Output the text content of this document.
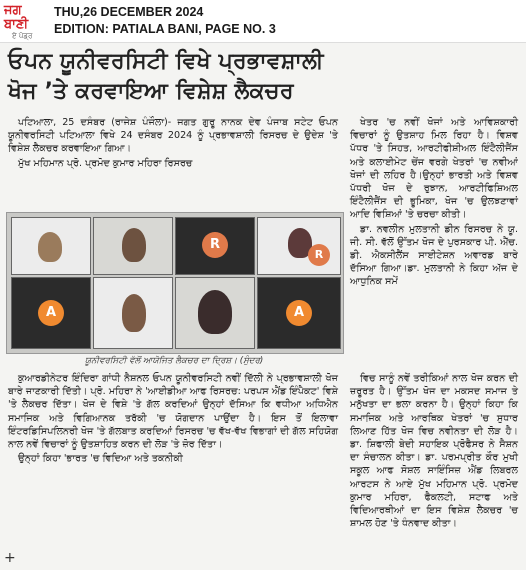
ਜਗ ਬਾਣੀ
ਏ ਪੋਡ੍ਰ
THU,26 DECEMBER 2024
EDITION: PATIALA BANI, PAGE NO. 3
ਓਪਨ ਯੂਨੀਵਰਸਿਟੀ ਵਿਖੇ ਪ੍ਰਭਾਵਸ਼ਾਲੀ
ਖੋਜ ’ਤੇ ਕਰਵਾਇਆ ਵਿਸ਼ੇਸ਼ ਲੈਕਚਰ

ਪਟਿਆਲਾ, 25 ਦਸੰਬਰ (ਰਾਜੇਸ਼ ਪੰਜੌਲਾ)- ਜਗਤ ਗੁਰੂ ਨਾਨਕ ਦੇਵ ਪੰਜਾਬ ਸਟੇਟ ਓਪਨ ਯੂਨੀਵਰਸਿਟੀ ਪਟਿਆਲਾ ਵਿਖੇ 24 ਦਸੰਬਰ 2024 ਨੂੰ ਪ੍ਰਭਾਵਸ਼ਾਲੀ ਰਿਸਰਚ ਦੇ ਉਦੇਸ਼ 'ਤੇ ਵਿਸ਼ੇਸ਼ ਲੈਕਚਰ ਕਰਵਾਇਆ ਗਿਆ।

ਮੁੱਖ ਮਹਿਮਾਨ ਪ੍ਰੋ. ਪ੍ਰਮੋਦ ਕੁਮਾਰ ਮਹਿਰਾ ਰਿਸਰਚ

ਖੇਤਰ 'ਚ ਨਵੀਂ ਖੋਜਾਂ ਅਤੇ ਆਵਿਸ਼ਕਾਰੀ ਵਿਚਾਰਾਂ ਨੂੰ ਉਤਸ਼ਾਹ ਮਿਲ ਰਿਹਾ ਹੈ। ਵਿਸ਼ਵ ਪੱਧਰ 'ਤੇ ਸਿਹਤ, ਆਰਟੀਫੀਸ਼ੀਅਲ ਇੰਟੈਲੀਜੈਂਸ ਅਤੇ ਕਲਾਈਮੇਟ ਚੇਂਜ ਵਰਗੇ ਖੇਤਰਾਂ 'ਚ ਨਵੀਆਂ ਖੋਜਾਂ ਦੀ ਲਹਿਰ ਹੈ।ਉਨ੍ਹਾਂ ਭਾਰਤੀ ਅਤੇ ਵਿਸ਼ਵ ਪੱਧਰੀ ਖੋਜ ਦੇ ਰੁਝਾਨ, ਆਰਟੀਫਿਸ਼ਿਅਲ ਇੰਟੈਲੀਜੈਂਸ ਦੀ ਭੂਮਿਕਾ, ਖੋਜ 'ਚ ਉਲਝਣਾਵਾਂ ਆਦਿ ਵਿਸ਼ਿਆਂ 'ਤੇ ਚਰਚਾ ਕੀਤੀ।

ਡਾ. ਨਵਲੀਨ ਮੁਲਤਾਨੀ ਡੀਨ ਰਿਸਰਚ ਨੇ ਯੂ. ਜੀ. ਸੀ. ਵੱਲੋਂ ਉੱਤਮ ਖੋਜ ਦੇ ਪੁਰਸਕਾਰ ਪੀ. ਐੱਚ. ਡੀ. ਐਕਸੀਲੈਂਸ ਸਾਈਟੇਸ਼ਨ ਅਵਾਰਡ ਬਾਰੇ ਦੱਸਿਆ ਗਿਆ।ਡਾ. ਮੁਲਤਾਨੀ ਨੇ ਕਿਹਾ ਅੱਜ ਦੇ ਆਧੁਨਿਕ ਸਮੇਂ

R
R
A	A
ਯੂਨੀਵਰਸਿਟੀ ਵੱਲੋਂ ਆਯੋਜਿਤ ਲੈਕਚਰ ਦਾ ਦ੍ਰਿਸ਼। (ਸੁੰਦਰ)

ਕੁਆਰਡੀਨੇਟਰ ਇੰਦਿਰਾ ਗਾਂਧੀ ਨੈਸ਼ਨਲ ਓਪਨ ਯੂਨੀਵਰਸਿਟੀ ਨਵੀਂ ਦਿੱਲੀ ਨੇ ਪ੍ਰਭਾਵਸ਼ਾਲੀ ਖੋਜ ਬਾਰੇ ਜਾਣਕਾਰੀ ਦਿੱਤੀ। ਪ੍ਰੋ. ਮਹਿਰਾ ਨੇ 'ਆਈਡੀਆ ਆਫ ਰਿਸਰਚ: ਪਰਪਸ ਐਂਡ ਇੰਪੈਕਟ' ਵਿਸ਼ੇ 'ਤੇ ਲੈਕਚਰ ਦਿੱਤਾ। ਖੋਜ ਦੇ ਵਿਸ਼ੇ 'ਤੇ ਗੱਲ ਕਰਦਿਆਂ ਉਨ੍ਹਾਂ ਦੱਸਿਆ ਕਿ ਵਧੀਆ ਅਧਿਐਨ ਸਮਾਜਿਕ ਅਤੇ ਵਿਗਿਆਨਕ ਤਰੱਕੀ 'ਚ ਯੋਗਦਾਨ ਪਾਉਂਦਾ ਹੈ। ਇਸ ਤੋਂ ਇਲਾਵਾ ਇੰਟਰਡਿਸਿਪਲਿਨਰੀ ਖੋਜ 'ਤੇ ਗੱਲਬਾਤ ਕਰਦਿਆਂ ਰਿਸਰਚ 'ਚ ਵੱਖ-ਵੱਖ ਵਿਭਾਗਾਂ ਦੀ ਗੱਲ ਸਹਿਯੋਗ ਨਾਲ ਨਵੇਂ ਵਿਚਾਰਾਂ ਨੂੰ ਉਤਸ਼ਾਹਿਤ ਕਰਨ ਦੀ ਲੋੜ 'ਤੇ ਜ਼ੋਰ ਦਿੱਤਾ।

ਉਨ੍ਹਾਂ ਕਿਹਾ 'ਭਾਰਤ 'ਚ ਵਿਦਿਆ ਅਤੇ ਤਕਨੀਕੀ

ਵਿਚ ਸਾਨੂੰ ਨਵੇਂ ਤਰੀਕਿਆਂ ਨਾਲ ਖੋਜ ਕਰਨ ਦੀ ਜ਼ਰੂਰਤ ਹੈ। ਉੱਤਮ ਖੋਜ ਦਾ ਮਕਸਦ ਸਮਾਜ ਤੇ ਮਨੁੱਖਤਾ ਦਾ ਭਲਾ ਕਰਨਾ ਹੈ। ਉਨ੍ਹਾਂ ਕਿਹਾ ਕਿ ਸਮਾਜਿਕ ਅਤੇ ਆਰਥਿਕ ਖੇਤਰਾਂ 'ਚ ਸੁਧਾਰ ਲਿਆਣ ਹਿੱਤ ਖੋਜ ਵਿਚ ਨਵੀਨਤਾ ਦੀ ਲੋੜ ਹੈ। ਡਾ. ਸ਼ਿਫਾਲੀ ਬੇਦੀ ਸਹਾਇਕ ਪ੍ਰੋਫੈਸਰ ਨੇ ਸੈਸ਼ਨ ਦਾ ਸੰਚਾਲਨ ਕੀਤਾ। ਡਾ. ਪਰਮਪ੍ਰੀਤ ਕੌਰ ਮੁਖੀ ਸਕੂਲ ਆਫ ਸੋਸ਼ਲ ਸਾਇੰਸਿਜ਼ ਐਂਡ ਲਿਬਰਲ ਆਰਟਸ ਨੇ ਆਏ ਮੁੱਖ ਮਹਿਮਾਨ ਪ੍ਰੋ. ਪ੍ਰਮੋਦ ਕੁਮਾਰ ਮਹਿਰਾ, ਫੈਕਲਟੀ, ਸਟਾਫ ਅਤੇ ਵਿਦਿਆਰਥੀਆਂ ਦਾ ਇਸ ਵਿਸ਼ੇਸ਼ ਲੈਕਚਰ 'ਚ ਸ਼ਾਮਲ ਹੋਣ 'ਤੇ ਧੰਨਵਾਦ ਕੀਤਾ।

+
